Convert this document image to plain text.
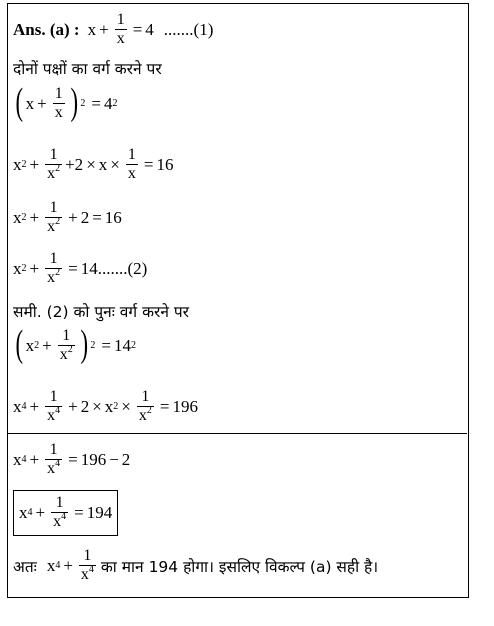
Ans. (a) : $x + \frac{1}{x} = 4$ .......(1)
दोनों पक्षों का वर्ग करने पर
( $x + \frac{1}{x}$ ) 2 = 4 2
x $2 + \frac{1}{x^2} +2 \times x \times \frac{1}{x} = 16$
x $2 + \frac{1}{x^2} + 2 = 16$
x $2 + \frac{1}{x^2} = 14$ .......(2)
समी. (2) को पुनः वर्ग करने पर
( x $2 + \frac{1}{x^2}$ ) 2 = 14 2
x $4 + \frac{1}{x^4} + 2 \times x$ $2 \times \frac{1}{x^2} = 196$
x $4 + \frac{1}{x^4} = 196 - 2$
x $4 + \frac{1}{x^4} = 194$
अतः x $4 + \frac{1}{x^4}$ का मान 194 होगा। इसलिए विकल्प (a) सही है।
